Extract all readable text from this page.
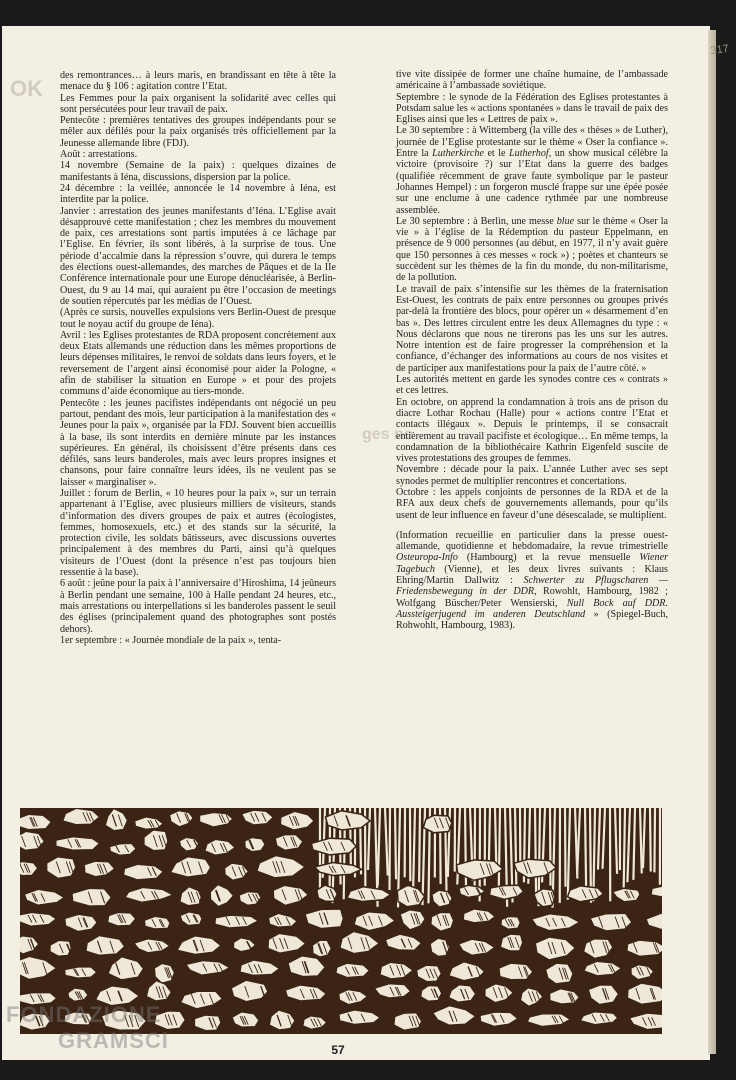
OK
ges ne

des remontrances… à leurs maris, en brandissant en tête à tête la menace du § 106 : agitation contre l’Etat.

Les Femmes pour la paix organisent la solidarité avec celles qui sont persécutées pour leur travail de paix.

Pentecôte : premières tentatives des groupes indépendants pour se mêler aux défilés pour la paix organisés très officiellement par la Jeunesse allemande libre (FDJ).

Août : arrestations.

14 novembre (Semaine de la paix) : quelques dizaines de manifestants à Iéna, discussions, dispersion par la police.

24 décembre : la veillée, annoncée le 14 novembre à Iéna, est interdite par la police.

Janvier : arrestation des jeunes manifestants d’Iéna. L’Eglise avait désapprouvé cette manifestation ; chez les membres du mouvement de paix, ces arrestations sont partis imputées à ce lâchage par l’Eglise. En février, ils sont libérés, à la surprise de tous. Une période d’accalmie dans la répression s’ouvre, qui durera le temps des élections ouest-allemandes, des marches de Pâques et de la IIe Conférence internationale pour une Europe dénucléarisée, à Berlin-Ouest, du 9 au 14 mai, qui auraient pu être l’occasion de meetings de soutien répercutés par les médias de l’Ouest.

(Après ce sursis, nouvelles expulsions vers Berlin-Ouest de presque tout le noyau actif du groupe de Iéna).

Avril : les Eglises protestantes de RDA proposent concrètement aux deux Etats allemands une réduction dans les mêmes proportions de leurs dépenses militaires, le renvoi de soldats dans leurs foyers, et le reversement de l’argent ainsi économisé pour aider la Pologne, « afin de stabiliser la situation en Europe » et pour des projets communs d’aide économique au tiers-monde.

Pentecôte : les jeunes pacifistes indépendants ont négocié un peu partout, pendant des mois, leur participation à la manifestation des « Jeunes pour la paix », organisée par la FDJ. Souvent bien accueillis à la base, ils sont interdits en dernière minute par les instances supérieures. En général, ils choisissent d’être présents dans ces défilés, sans leurs banderoles, mais avec leurs propres insignes et chansons, pour faire connaître leurs idées, ils ne veulent pas se laisser « marginaliser ».

Juillet : forum de Berlin, « 10 heures pour la paix », sur un terrain appartenant à l’Eglise, avec plusieurs milliers de visiteurs, stands d’information des divers groupes de paix et autres (écologistes, femmes, homosexuels, etc.) et des stands sur la sécurité, la protection civile, les soldats bâtisseurs, avec discussions ouvertes principalement à des membres du Parti, ainsi qu’à quelques visiteurs de l’Ouest (dont la présence n’est pas toujours bien ressentie à la base).

6 août : jeûne pour la paix à l’anniversaire d’Hiroshima, 14 jeûneurs à Berlin pendant une semaine, 100 à Halle pendant 24 heures, etc., mais arrestations ou interpellations si les banderoles passent le seuil des églises (principalement quand des photographes sont postés dehors).

1er septembre : « Journée mondiale de la paix », tenta-

tive vite dissipée de former une chaîne humaine, de l’ambassade américaine à l’ambassade soviétique.

Septembre : le synode de la Fédération des Eglises protestantes à Potsdam salue les « actions spontanées » dans le travail de paix des Eglises ainsi que les « Lettres de paix ».

Le 30 septembre : à Wittemberg (la ville des « thèses » de Luther), journée de l’Eglise protestante sur le thème « Oser la confiance ». Entre la Lutherkirche et le Lutherhof, un show musical célèbre la victoire (provisoire ?) sur l’Etat dans la guerre des badges (qualifiée récemment de grave faute symbolique par le pasteur Johannes Hempel) : un forgeron musclé frappe sur une épée posée sur une enclume à une cadence rythmée par une nombreuse assemblée.

Le 30 septembre : à Berlin, une messe blue sur le thème « Oser la vie » à l’église de la Rédemption du pasteur Eppelmann, en présence de 9 000 personnes (au début, en 1977, il n’y avait guère que 150 personnes à ces messes « rock ») ; poètes et chanteurs se succèdent sur les thèmes de la fin du monde, du non-militarisme, de la pollution.

Le travail de paix s’intensifie sur les thèmes de la fraternisation Est-Ouest, les contrats de paix entre personnes ou groupes privés par-delà la frontière des blocs, pour opérer un « désarmement d’en bas ». Des lettres circulent entre les deux Allemagnes du type : « Nous déclarons que nous ne tirerons pas les uns sur les autres. Notre intention est de faire progresser la compréhension et la confiance, d’échanger des informations au cours de nos visites et de participer aux manifestations pour la paix de l’autre côté. »

Les autorités mettent en garde les synodes contre ces « contrats » et ces lettres.

En octobre, on apprend la condamnation à trois ans de prison du diacre Lothar Rochau (Halle) pour « actions contre l’Etat et contacts illégaux ». Depuis le printemps, il se consacrait entièrement au travail pacifiste et écologique… En même temps, la condamnation de la bibliothécaire Kathrin Eigenfeld suscite de vives protestations des groupes de femmes.

Novembre : décade pour la paix. L’année Luther avec ses sept synodes permet de multiplier rencontres et concertations.

Octobre : les appels conjoints de personnes de la RDA et de la RFA aux deux chefs de gouvernements allemands, pour qu’ils usent de leur influence en faveur d’une désescalade, se multiplient.

(Information recueillie en particulier dans la presse ouest-allemande, quotidienne et hebdomadaire, la revue trimestrielle Osteuropa-Info (Hambourg) et la revue mensuelle Wiener Tagebuch (Vienne), et les deux livres suivants : Klaus Ehring/Martin Dallwitz : Schwerter zu Pflugscharen — Friedensbewegung in der DDR, Rowohlt, Hambourg, 1982 ; Wolfgang Büscher/Peter Wensierski, Null Bock auf DDR. Aussteigerjugend im anderen Deutschland » (Spiegel-Buch, Rohwohlt, Hambourg, 1983).

57
317
FONDAZIONE
GRAMSCI
